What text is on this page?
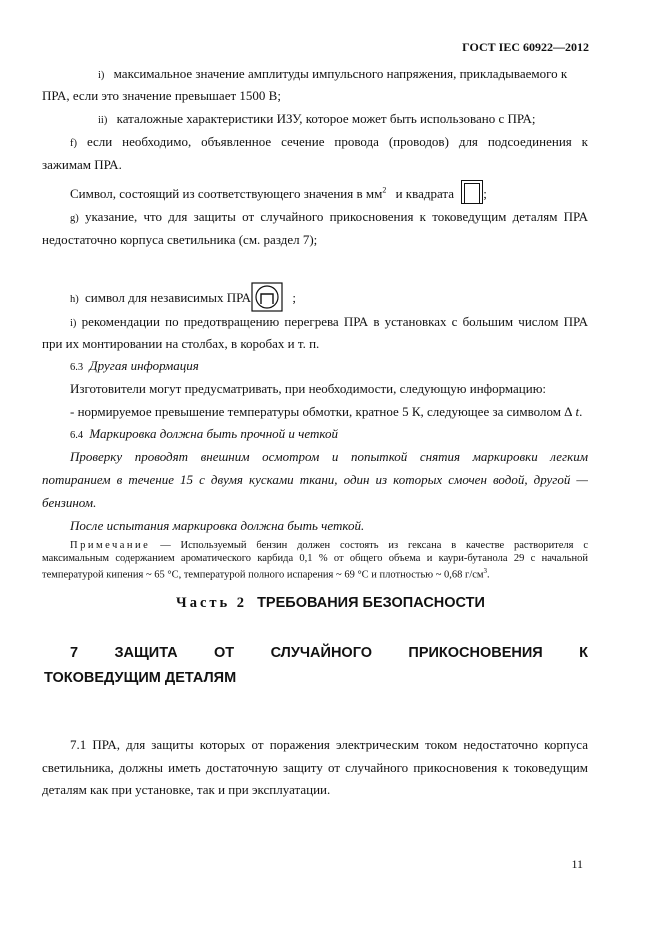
ГОСТ IEC 60922—2012
i) максимальное значение амплитуды импульсного напряжения, прикладываемого к
ПРА, если это значение превышает 1500 В;
ii) каталожные характеристики ИЗУ, которое может быть использовано с ПРА;
f) если необходимо, объявленное сечение провода (проводов) для подсоединения к
зажимам ПРА.
Символ, состоящий из соответствующего значения в $мм^2$ и квадрата ;
g) указание, что для защиты от случайного прикосновения к токоведущим деталям ПРА
недостаточно корпуса светильника (см. раздел 7);
h) символ для независимых ПРА	;
i) рекомендации по предотвращению перегрева ПРА в установках с большим числом ПРА
при их монтировании на столбах, в коробах и т. п.
6.3 Другая информация
Изготовители могут предусматривать, при необходимости, следующую информацию:
- нормируемое превышение температуры обмотки, кратное 5 К, следующее за символом Δ t.
6.4 Маркировка должна быть прочной и четкой
Проверку проводят внешним осмотром и попыткой снятия маркировки легким
потиранием в течение 15 с двумя кусками ткани, один из которых смочен водой, другой —
бензином.
После испытания маркировка должна быть четкой.
Примечание — Используемый бензин должен состоять из гексана в качестве растворителя с
максимальным содержанием ароматического карбида 0,1 % от общего объема и каури-бутанола 29 с начальной
температурой кипения ~ 65 °С, температурой полного испарения ~ 69 °С и плотностью ~ 0,68 $г/см^3$.
Часть 2 ТРЕБОВАНИЯ БЕЗОПАСНОСТИ
7	ЗАЩИТА	ОТ	СЛУЧАЙНОГО	ПРИКОСНОВЕНИЯ	К
ТОКОВЕДУЩИМ ДЕТАЛЯМ
7.1 ПРА, для защиты которых от поражения электрическим током недостаточно корпуса
светильника, должны иметь достаточную защиту от случайного прикосновения к токоведущим
деталям как при установке, так и при эксплуатации.
11
